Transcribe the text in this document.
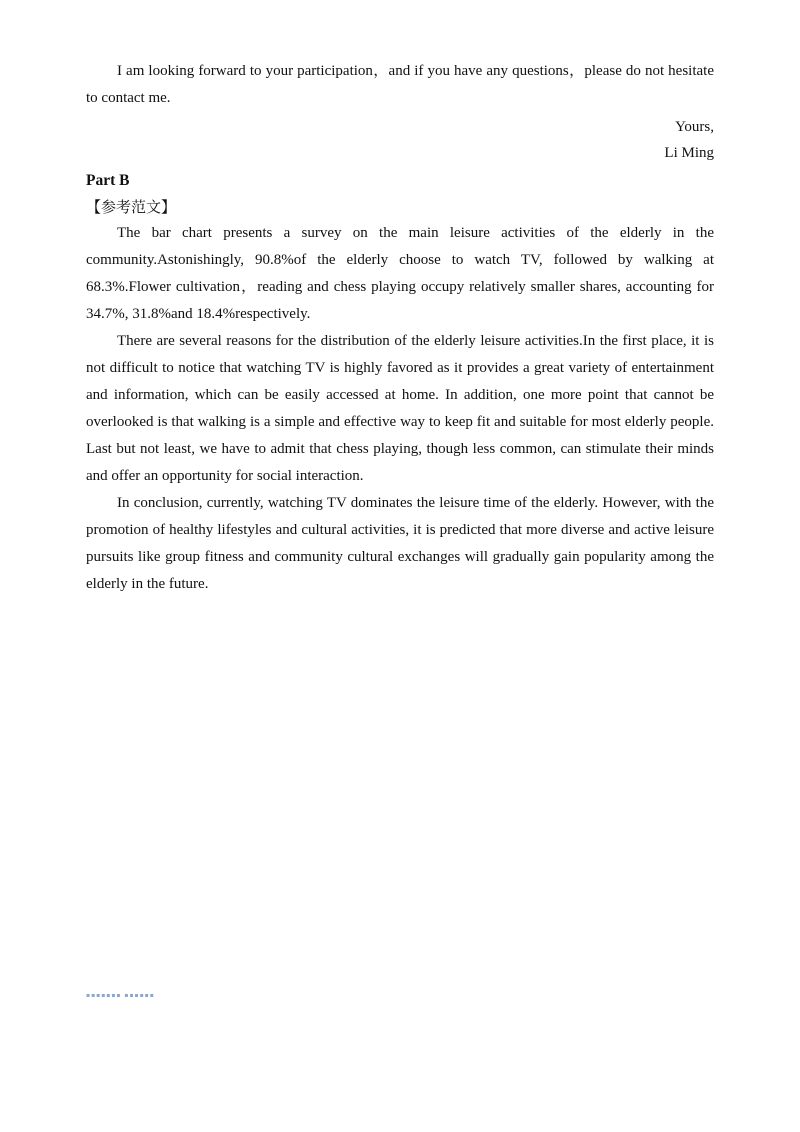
I am looking forward to your participation，and if you have any questions，please do not hesitate to contact me.

Yours,

Li Ming

Part B

【参考范文】

The bar chart presents a survey on the main leisure activities of the elderly in the community.Astonishingly, 90.8%of the elderly choose to watch TV, followed by walking at 68.3%.Flower cultivation，reading and chess playing occupy relatively smaller shares, accounting for 34.7%, 31.8%and 18.4%respectively.

There are several reasons for the distribution of the elderly leisure activities.In the first place, it is not difficult to notice that watching TV is highly favored as it provides a great variety of entertainment and information, which can be easily accessed at home. In addition, one more point that cannot be overlooked is that walking is a simple and effective way to keep fit and suitable for most elderly people. Last but not least, we have to admit that chess playing, though less common, can stimulate their minds and offer an opportunity for social interaction.

In conclusion, currently, watching TV dominates the leisure time of the elderly. However, with the promotion of healthy lifestyles and cultural activities, it is predicted that more diverse and active leisure pursuits like group fitness and community cultural exchanges will gradually gain popularity among the elderly in the future.

▪▪▪▪▪▪▪ ▪▪▪▪▪▪
